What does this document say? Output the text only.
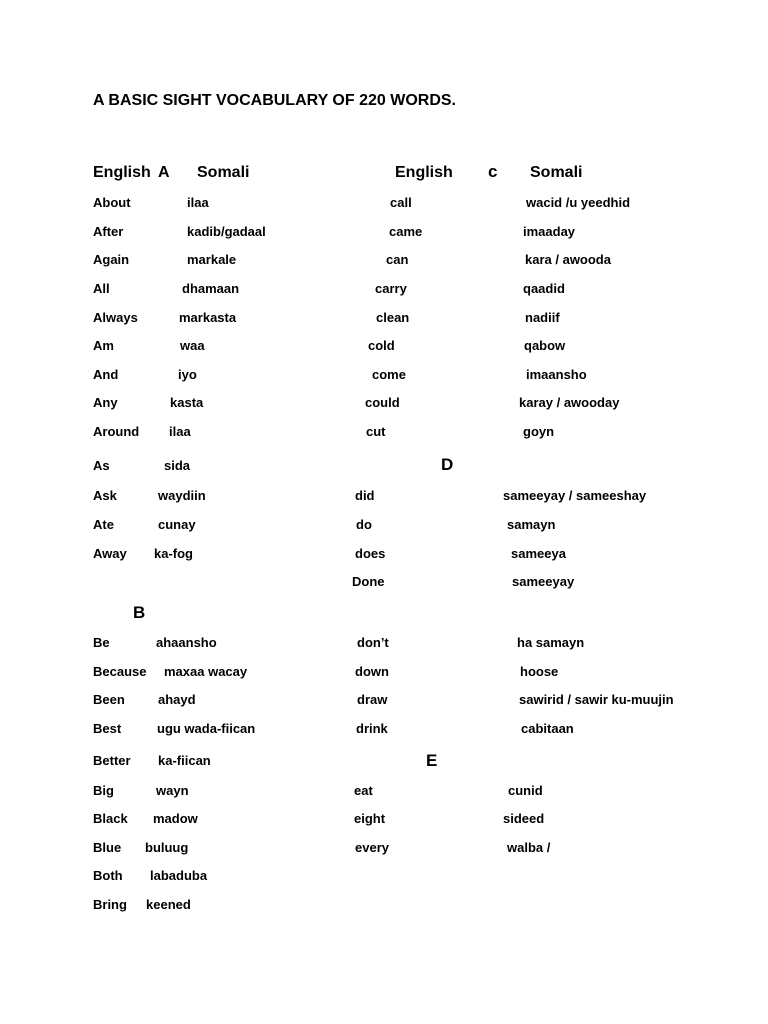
A BASIC SIGHT VOCABULARY OF 220 WORDS.
English A Somali	English c Somali
B
D
E
About	ilaa
After	kadib/gadaal
Again	markale
All	dhamaan
Always	markasta
Am	waa
And	iyo
Any	kasta
Around ilaa
As	sida
Ask	waydiin
Ate	cunay
Away ka-fog
Be	ahaansho
Because maxaa wacay
Been	ahayd
Best	ugu wada-fiican
Better ka-fiican
Big	wayn
Black madow
Blue buluug
Both labaduba
Bring keened
call	wacid /u yeedhid
came	imaaday
can	kara / awooda
carry	qaadid
clean	nadiif
cold	qabow
come	imaansho
could	karay / awooday
cut	goyn
did	sameeyay / sameeshay
do	samayn
does	sameeya
Done	sameeyay
don’t	ha samayn
down	hoose
draw	sawirid / sawir ku-muujin
drink	cabitaan
eat	cunid
eight	sideed
every	walba /
